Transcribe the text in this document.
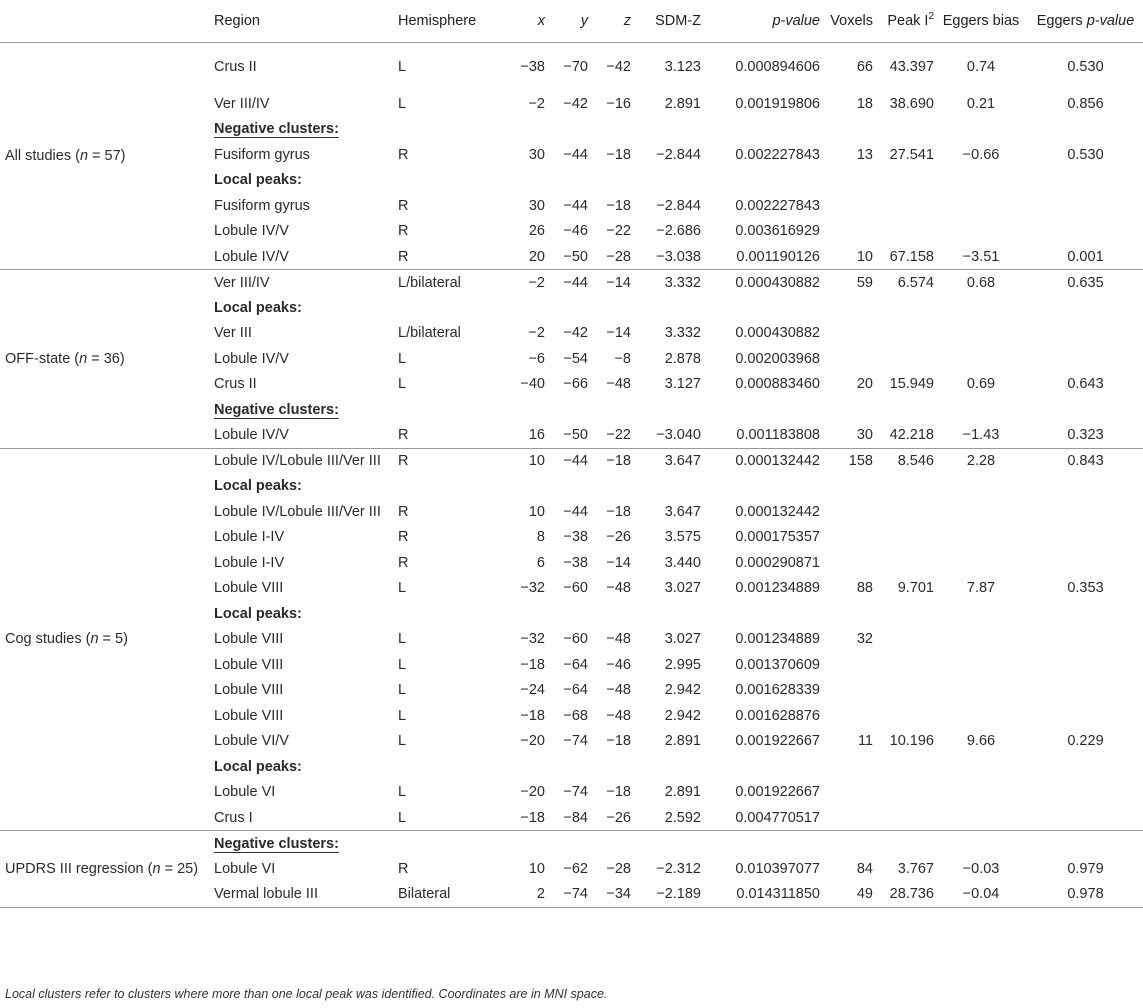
	Region	Hemisphere	x	y	z	SDM-Z	p-value	Voxels	Peak $I^2$	Eggers bias	Eggers p-value
All studies (n = 57)	Crus II	L	−38	−70	−42	3.123	0.000894606	66	43.397	0.74	0.530
	Ver III/IV	L	−2	−42	−16	2.891	0.001919806	18	38.690	0.21	0.856
	Negative clusters:										
	Fusiform gyrus	R	30	−44	−18	−2.844	0.002227843	13	27.541	−0.66	0.530
	Local peaks:										
	Fusiform gyrus	R	30	−44	−18	−2.844	0.002227843				
	Lobule IV/V	R	26	−46	−22	−2.686	0.003616929				
	Lobule IV/V	R	20	−50	−28	−3.038	0.001190126	10	67.158	−3.51	0.001
OFF-state (n = 36)	Ver III/IV	L/bilateral	−2	−44	−14	3.332	0.000430882	59	6.574	0.68	0.635
	Local peaks:										
	Ver III	L/bilateral	−2	−42	−14	3.332	0.000430882				
	Lobule IV/V	L	−6	−54	−8	2.878	0.002003968				
	Crus II	L	−40	−66	−48	3.127	0.000883460	20	15.949	0.69	0.643
	Negative clusters:										
	Lobule IV/V	R	16	−50	−22	−3.040	0.001183808	30	42.218	−1.43	0.323
Cog studies (n = 5)	Lobule IV/Lobule III/Ver III	R	10	−44	−18	3.647	0.000132442	158	8.546	2.28	0.843
	Local peaks:										
	Lobule IV/Lobule III/Ver III	R	10	−44	−18	3.647	0.000132442				
	Lobule I-IV	R	8	−38	−26	3.575	0.000175357				
	Lobule I-IV	R	6	−38	−14	3.440	0.000290871				
	Lobule VIII	L	−32	−60	−48	3.027	0.001234889	88	9.701	7.87	0.353
	Local peaks:										
	Lobule VIII	L	−32	−60	−48	3.027	0.001234889	32			
	Lobule VIII	L	−18	−64	−46	2.995	0.001370609				
	Lobule VIII	L	−24	−64	−48	2.942	0.001628339				
	Lobule VIII	L	−18	−68	−48	2.942	0.001628876				
	Lobule VI/V	L	−20	−74	−18	2.891	0.001922667	11	10.196	9.66	0.229
	Local peaks:										
	Lobule VI	L	−20	−74	−18	2.891	0.001922667				
	Crus I	L	−18	−84	−26	2.592	0.004770517				
UPDRS III regression (n = 25)	Negative clusters:										
	Lobule VI	R	10	−62	−28	−2.312	0.010397077	84	3.767	−0.03	0.979
	Vermal lobule III	Bilateral	2	−74	−34	−2.189	0.014311850	49	28.736	−0.04	0.978
Local clusters refer to clusters where more than one local peak was identified. Coordinates are in MNI space.
